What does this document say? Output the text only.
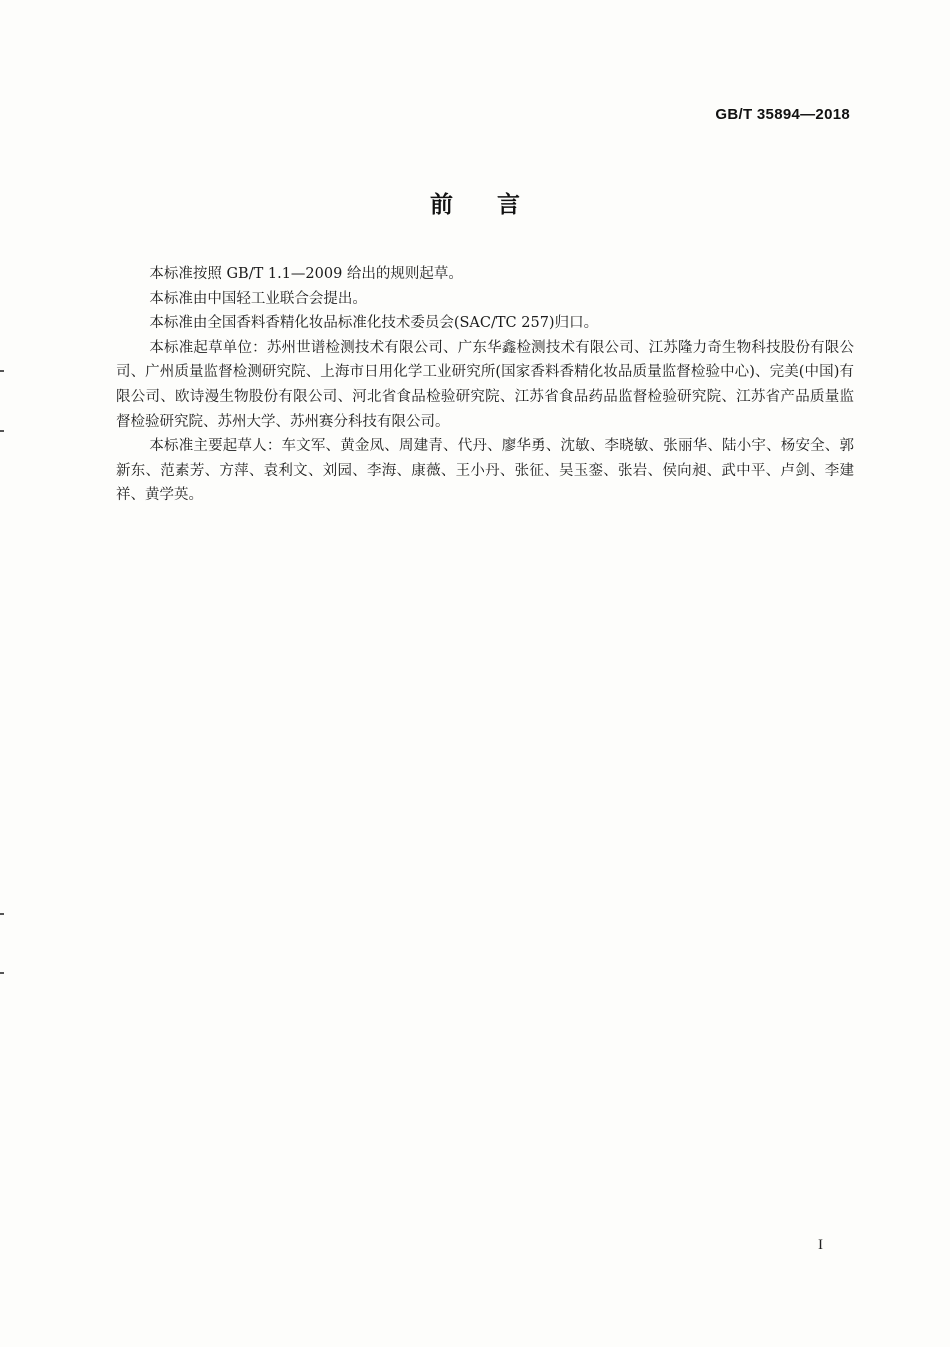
GB/T 35894—2018
前言

本标准按照 GB/T 1.1—2009 给出的规则起草。

本标准由中国轻工业联合会提出。

本标准由全国香料香精化妆品标准化技术委员会(SAC/TC 257)归口。

本标准起草单位：苏州世谱检测技术有限公司、广东华鑫检测技术有限公司、江苏隆力奇生物科技股份有限公司、广州质量监督检测研究院、上海市日用化学工业研究所(国家香料香精化妆品质量监督检验中心)、完美(中国)有限公司、欧诗漫生物股份有限公司、河北省食品检验研究院、江苏省食品药品监督检验研究院、江苏省产品质量监督检验研究院、苏州大学、苏州赛分科技有限公司。

本标准主要起草人：车文军、黄金凤、周建青、代丹、廖华勇、沈敏、李晓敏、张丽华、陆小宇、杨安全、郭新东、范素芳、方萍、袁利文、刘园、李海、康薇、王小丹、张征、吴玉銮、张岩、侯向昶、武中平、卢剑、李建祥、黄学英。

I
